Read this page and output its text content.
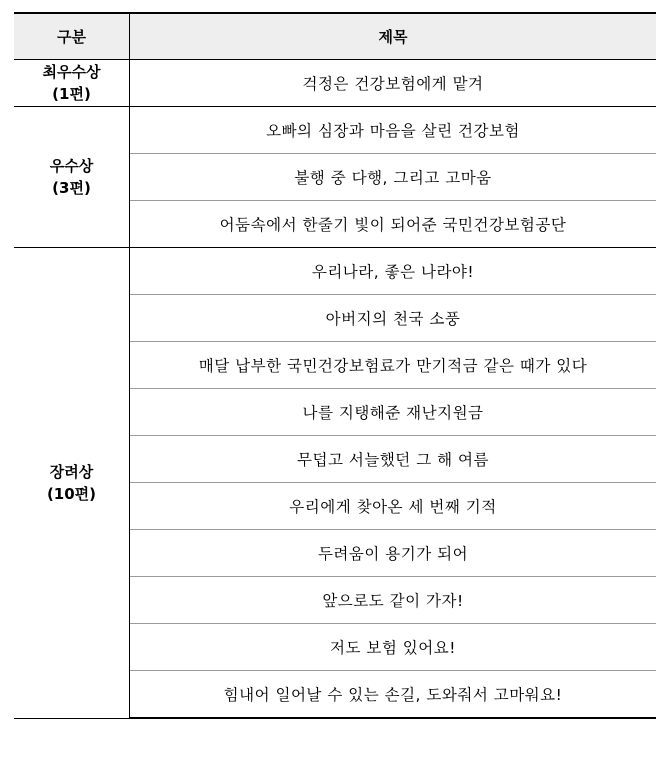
구분	제목

최우수상
(1편)	걱정은 건강보험에게 맡겨

우수상
(3편)	오빠의 심장과 마음을 살린 건강보험
	불행 중 다행, 그리고 고마움
	어둠속에서 한줄기 빛이 되어준 국민건강보험공단

장려상
(10편)	우리나라, 좋은 나라야!
	아버지의 천국 소풍
	매달 납부한 국민건강보험료가 만기적금 같은 때가 있다
	나를 지탱해준 재난지원금
	무덥고 서늘했던 그 해 여름
	우리에게 찾아온 세 번째 기적
	두려움이 용기가 되어
	앞으로도 같이 가자!
	저도 보험 있어요!
	힘내어 일어날 수 있는 손길, 도와줘서 고마워요!
